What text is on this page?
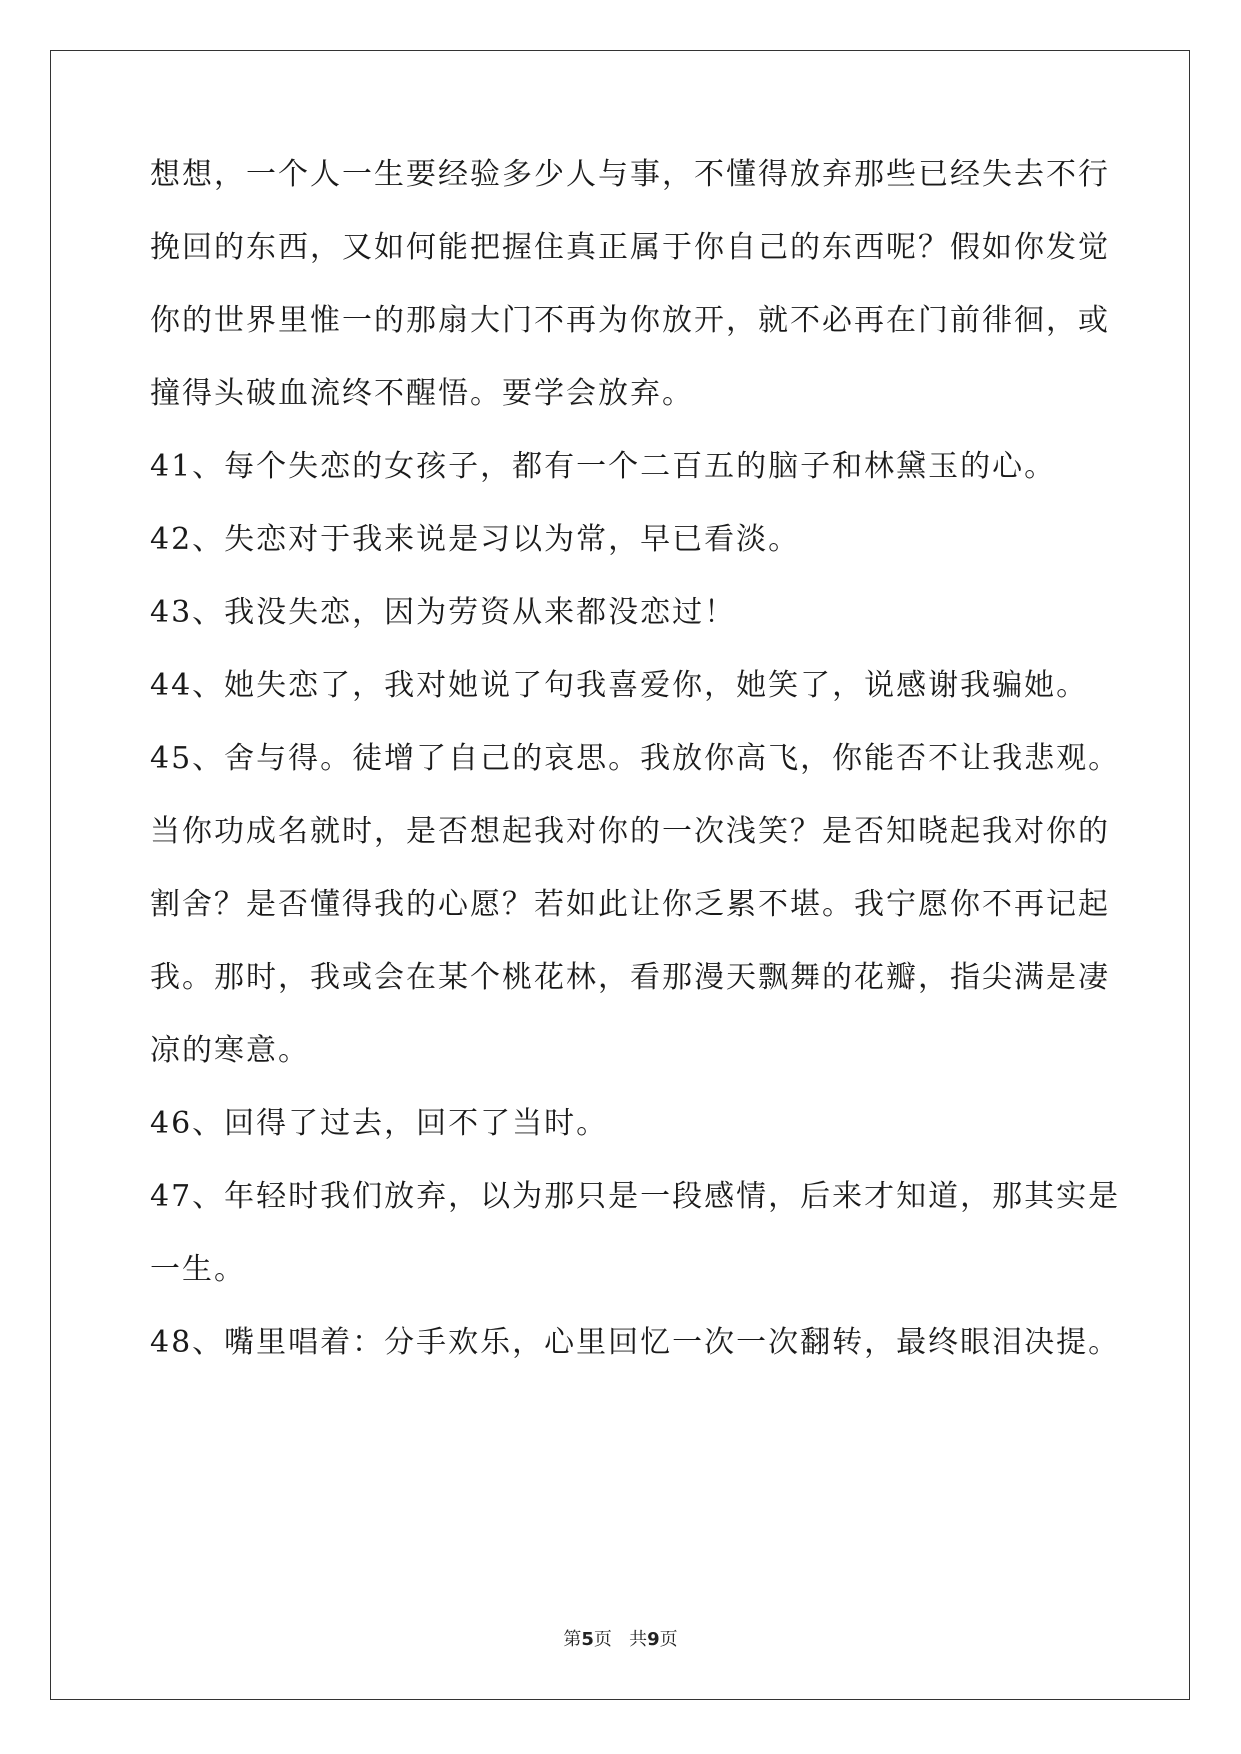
想想，一个人一生要经验多少人与事，不懂得放弃那些已经失去不行
挽回的东西，又如何能把握住真正属于你自己的东西呢？假如你发觉
你的世界里惟一的那扇大门不再为你放开，就不必再在门前徘徊，或
撞得头破血流终不醒悟。要学会放弃。
41、每个失恋的女孩子，都有一个二百五的脑子和林黛玉的心。
42、失恋对于我来说是习以为常，早已看淡。
43、我没失恋，因为劳资从来都没恋过！
44、她失恋了，我对她说了句我喜爱你，她笑了，说感谢我骗她。
45、舍与得。徒增了自己的哀思。我放你高飞，你能否不让我悲观。
当你功成名就时，是否想起我对你的一次浅笑？是否知晓起我对你的
割舍？是否懂得我的心愿？若如此让你乏累不堪。我宁愿你不再记起
我。那时，我或会在某个桃花林，看那漫天飘舞的花瓣，指尖满是凄
凉的寒意。
46、回得了过去，回不了当时。
47、年轻时我们放弃，以为那只是一段感情，后来才知道，那其实是
一生。
48、嘴里唱着：分手欢乐，心里回忆一次一次翻转，最终眼泪决提。
第5页 共9页
